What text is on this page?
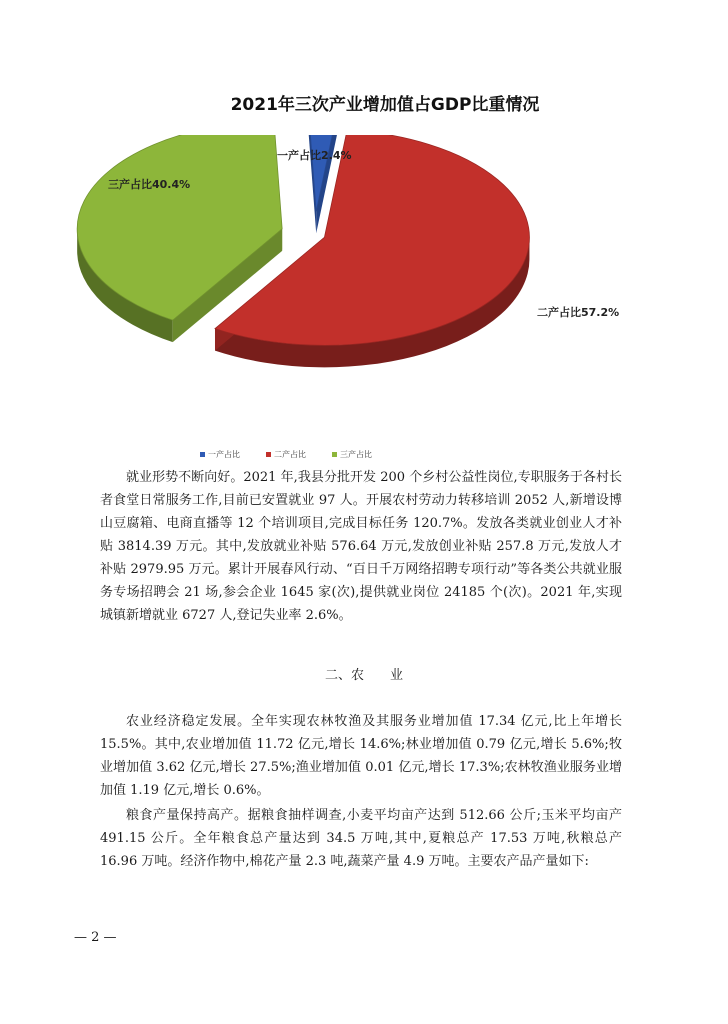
2021年三次产业增加值占GDP比重情况
一产占比2.4%
二产占比57.2%
三产占比40.4%
一产占比	二产占比	三产占比

就业形势不断向好。2021 年,我县分批开发 200 个乡村公益性岗位,专职服务于各村长者食堂日常服务工作,目前已安置就业 97 人。开展农村劳动力转移培训 2052 人,新增设博山豆腐箱、电商直播等 12 个培训项目,完成目标任务 120.7%。发放各类就业创业人才补贴 3814.39 万元。其中,发放就业补贴 576.64 万元,发放创业补贴 257.8 万元,发放人才补贴 2979.95 万元。累计开展春风行动、“百日千万网络招聘专项行动”等各类公共就业服务专场招聘会 21 场,参会企业 1645 家(次),提供就业岗位 24185 个(次)。2021 年,实现城镇新增就业 6727 人,登记失业率 2.6%。

二、农　　业

农业经济稳定发展。全年实现农林牧渔及其服务业增加值 17.34 亿元,比上年增长 15.5%。其中,农业增加值 11.72 亿元,增长 14.6%;林业增加值 0.79 亿元,增长 5.6%;牧业增加值 3.62 亿元,增长 27.5%;渔业增加值 0.01 亿元,增长 17.3%;农林牧渔业服务业增加值 1.19 亿元,增长 0.6%。

粮食产量保持高产。据粮食抽样调查,小麦平均亩产达到 512.66 公斤;玉米平均亩产 491.15 公斤。全年粮食总产量达到 34.5 万吨,其中,夏粮总产 17.53 万吨,秋粮总产 16.96 万吨。经济作物中,棉花产量 2.3 吨,蔬菜产量 4.9 万吨。主要农产品产量如下:

— 2 —
